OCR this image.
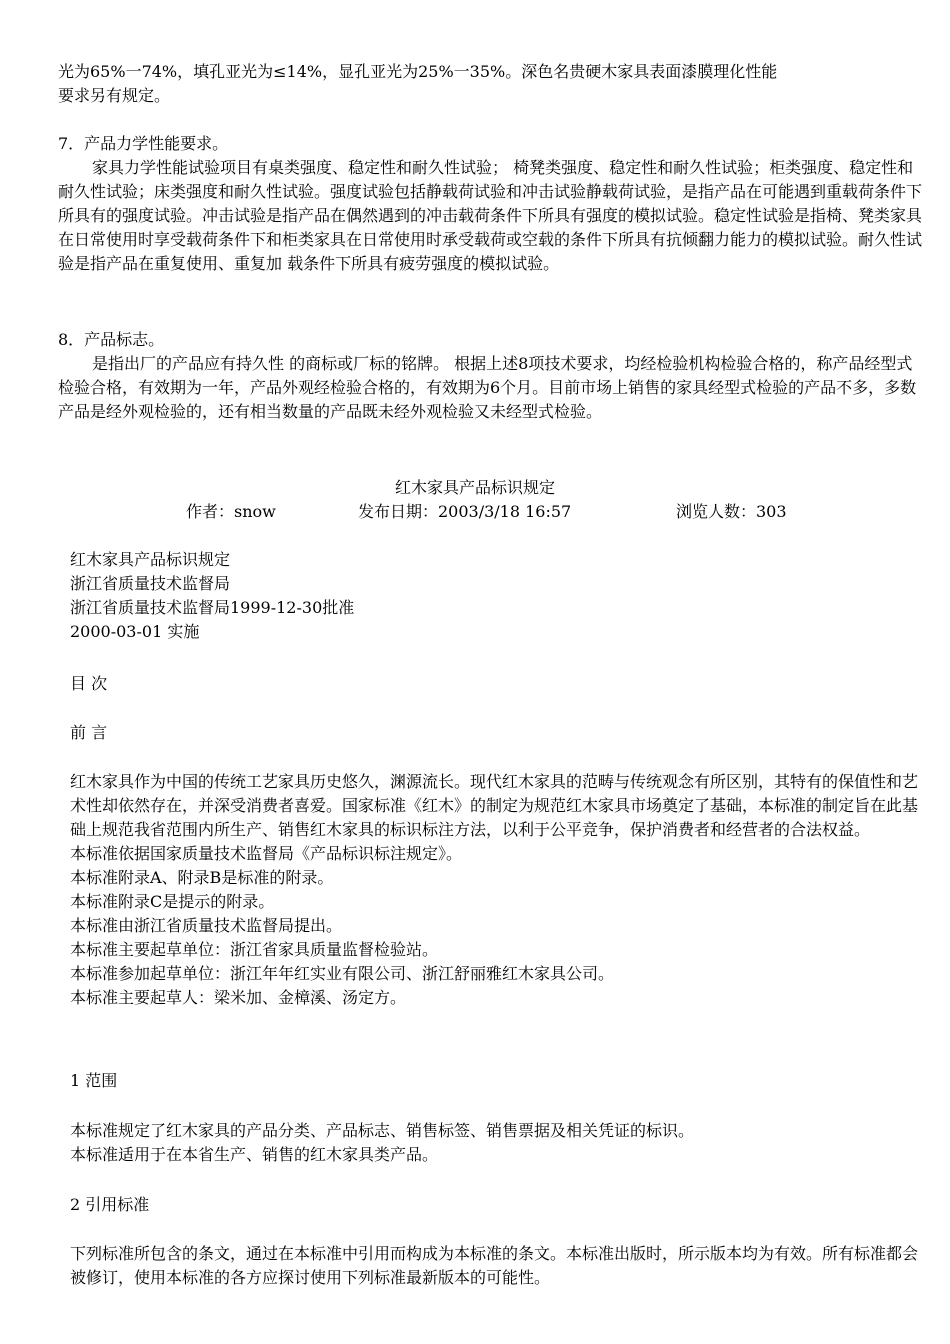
光为65%一74%，填孔亚光为≤14%，显孔亚光为25%一35%。深色名贵硬木家具表面漆膜理化性能

要求另有规定。

7．产品力学性能要求。

家具力学性能试验项目有桌类强度、稳定性和耐久性试验； 椅凳类强度、稳定性和耐久性试验；柜类强度、稳定性和耐久性试验；床类强度和耐久性试验。强度试验包括静载荷试验和冲击试验静载荷试验，是指产品在可能遇到重载荷条件下所具有的强度试验。冲击试验是指产品在偶然遇到的冲击载荷条件下所具有强度的模拟试验。稳定性试验是指椅、凳类家具在日常使用时享受载荷条件下和柜类家具在日常使用时承受载荷或空载的条件下所具有抗倾翻力能力的模拟试验。耐久性试验是指产品在重复使用、重复加 载条件下所具有疲劳强度的模拟试验。

8．产品标志。

是指出厂的产品应有持久性 的商标或厂标的铭牌。 根据上述8项技术要求，均经检验机构检验合格的，称产品经型式检验合格，有效期为一年，产品外观经检验合格的，有效期为6个月。目前市场上销售的家具经型式检验的产品不多，多数产品是经外观检验的，还有相当数量的产品既未经外观检验又未经型式检验。

红木家具产品标识规定
作者：snow	发布日期：2003/3/18 16:57	浏览人数：303

红木家具产品标识规定

浙江省质量技术监督局

浙江省质量技术监督局1999-12-30批准

2000-03-01 实施

目 次
前 言

红木家具作为中国的传统工艺家具历史悠久，渊源流长。现代红木家具的范畴与传统观念有所区别，其特有的保值性和艺术性却依然存在，并深受消费者喜爱。国家标准《红木》的制定为规范红木家具市场奠定了基础，本标准的制定旨在此基础上规范我省范围内所生产、销售红木家具的标识标注方法，以利于公平竞争，保护消费者和经营者的合法权益。

本标准依据国家质量技术监督局《产品标识标注规定》。

本标准附录A、附录B是标准的附录。

本标准附录C是提示的附录。

本标准由浙江省质量技术监督局提出。

本标准主要起草单位：浙江省家具质量监督检验站。

本标准参加起草单位：浙江年年红实业有限公司、浙江舒丽雅红木家具公司。

本标准主要起草人：梁米加、金樟溪、汤定方。

1 范围

本标准规定了红木家具的产品分类、产品标志、销售标签、销售票据及相关凭证的标识。

本标准适用于在本省生产、销售的红木家具类产品。

2 引用标准

下列标准所包含的条文，通过在本标准中引用而构成为本标准的条文。本标准出版时，所示版本均为有效。所有标准都会被修订，使用本标准的各方应探讨使用下列标准最新版本的可能性。
